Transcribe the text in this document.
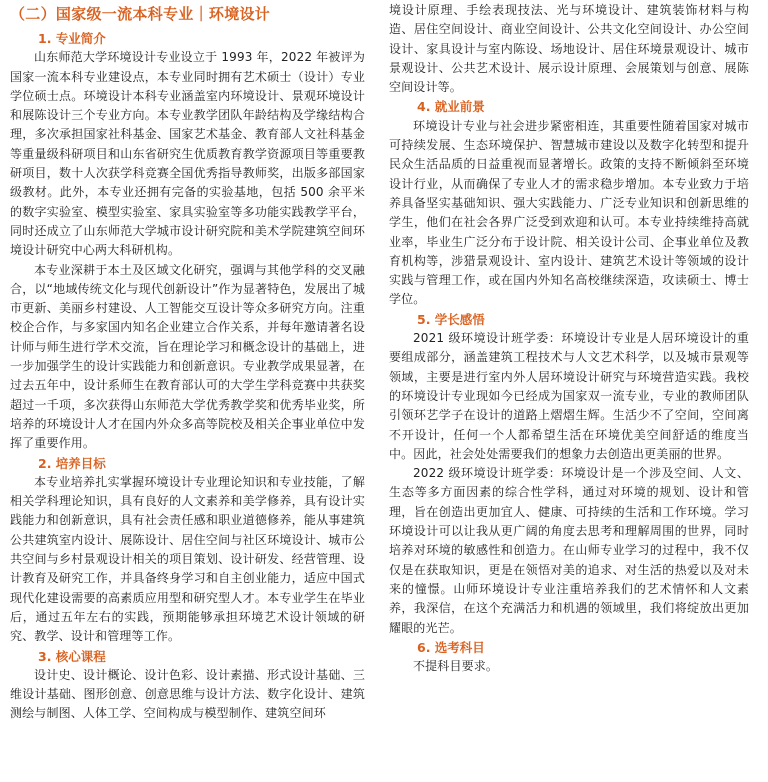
（二）国家级一流本科专业｜环境设计
1. 专业简介

山东师范大学环境设计专业设立于 1993 年，2022 年被评为国家一流本科专业建设点，本专业同时拥有艺术硕士（设计）专业学位硕士点。环境设计本科专业涵盖室内环境设计、景观环境设计和展陈设计三个专业方向。本专业教学团队年龄结构及学缘结构合理，多次承担国家社科基金、国家艺术基金、教育部人文社科基金等重量级科研项目和山东省研究生优质教育教学资源项目等重要教研项目，数十人次获学科竞赛全国优秀指导教师奖，出版多部国家级教材。此外，本专业还拥有完备的实验基地，包括 500 余平米的数字实验室、模型实验室、家具实验室等多功能实践教学平台，同时还成立了山东师范大学城市设计研究院和美术学院建筑空间环境设计研究中心两大科研机构。

本专业深耕于本土及区域文化研究，强调与其他学科的交叉融合，以“地域传统文化与现代创新设计”作为显著特色，发展出了城市更新、美丽乡村建设、人工智能交互设计等众多研究方向。注重校企合作，与多家国内知名企业建立合作关系，并每年邀请著名设计师与师生进行学术交流，旨在理论学习和概念设计的基础上，进一步加强学生的设计实践能力和创新意识。专业教学成果显著，在过去五年中，设计系师生在教育部认可的大学生学科竞赛中共获奖超过一千项，多次获得山东师范大学优秀教学奖和优秀毕业奖，所培养的环境设计人才在国内外众多高等院校及相关企事业单位中发挥了重要作用。

2. 培养目标

本专业培养扎实掌握环境设计专业理论知识和专业技能，了解相关学科理论知识，具有良好的人文素养和美学修养，具有设计实践能力和创新意识，具有社会责任感和职业道德修养，能从事建筑公共建筑室内设计、展陈设计、居住空间与社区环境设计、城市公共空间与乡村景观设计相关的项目策划、设计研发、经营管理、设计教育及研究工作，并具备终身学习和自主创业能力，适应中国式现代化建设需要的高素质应用型和研究型人才。本专业学生在毕业后，通过五年左右的实践，预期能够承担环境艺术设计领域的研究、教学、设计和管理等工作。

3. 核心课程

设计史、设计概论、设计色彩、设计素描、形式设计基础、三维设计基础、图形创意、创意思维与设计方法、数字化设计、建筑测绘与制图、人体工学、空间构成与模型制作、建筑空间环

境设计原理、手绘表现技法、光与环境设计、建筑装饰材料与构造、居住空间设计、商业空间设计、公共文化空间设计、办公空间设计、家具设计与室内陈设、场地设计、居住环境景观设计、城市景观设计、公共艺术设计、展示设计原理、会展策划与创意、展陈空间设计等。

4. 就业前景

环境设计专业与社会进步紧密相连，其重要性随着国家对城市可持续发展、生态环境保护、智慧城市建设以及数字化转型和提升民众生活品质的日益重视而显著增长。政策的支持不断倾斜至环境设计行业，从而确保了专业人才的需求稳步增加。本专业致力于培养具备坚实基础知识、强大实践能力、广泛专业知识和创新思维的学生，他们在社会各界广泛受到欢迎和认可。本专业持续维持高就业率，毕业生广泛分布于设计院、相关设计公司、企事业单位及教育机构等，涉猎景观设计、室内设计、建筑艺术设计等领域的设计实践与管理工作，或在国内外知名高校继续深造，攻读硕士、博士学位。

5. 学长感悟

2021 级环境设计班学委：环境设计专业是人居环境设计的重要组成部分，涵盖建筑工程技术与人文艺术科学，以及城市景观等领域，主要是进行室内外人居环境设计研究与环境营造实践。我校的环境设计专业现如今已经成为国家双一流专业，专业的教师团队引领环艺学子在设计的道路上熠熠生辉。生活少不了空间，空间离不开设计，任何一个人都希望生活在环境优美空间舒适的维度当中。因此，社会处处需要我们的想象力去创造出更美丽的世界。

2022 级环境设计班学委：环境设计是一个涉及空间、人文、生态等多方面因素的综合性学科，通过对环境的规划、设计和管理，旨在创造出更加宜人、健康、可持续的生活和工作环境。学习环境设计可以让我从更广阔的角度去思考和理解周围的世界，同时培养对环境的敏感性和创造力。在山师专业学习的过程中，我不仅仅是在获取知识，更是在领悟对美的追求、对生活的热爱以及对未来的憧憬。山师环境设计专业注重培养我们的艺术情怀和人文素养，我深信，在这个充满活力和机遇的领域里，我们将绽放出更加耀眼的光芒。

6. 选考科目

不提科目要求。
